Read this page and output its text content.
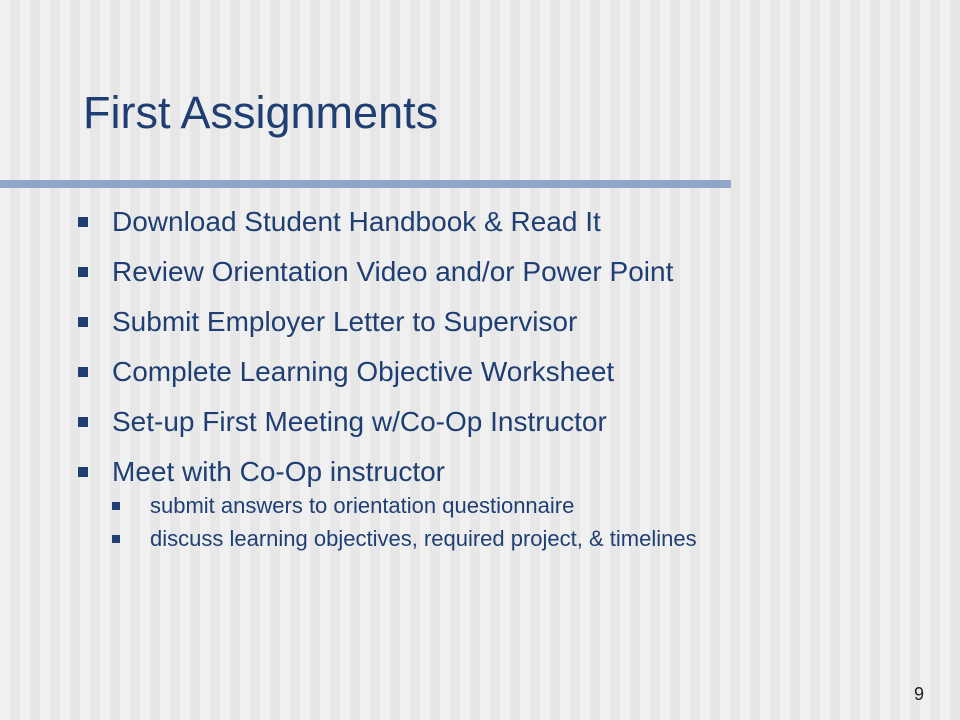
First Assignments
Download Student Handbook & Read It
Review Orientation Video and/or Power Point
Submit Employer Letter to Supervisor
Complete Learning Objective Worksheet
Set-up First Meeting w/Co-Op Instructor
Meet with Co-Op instructor
submit answers to orientation questionnaire
discuss learning objectives, required project, & timelines
9
